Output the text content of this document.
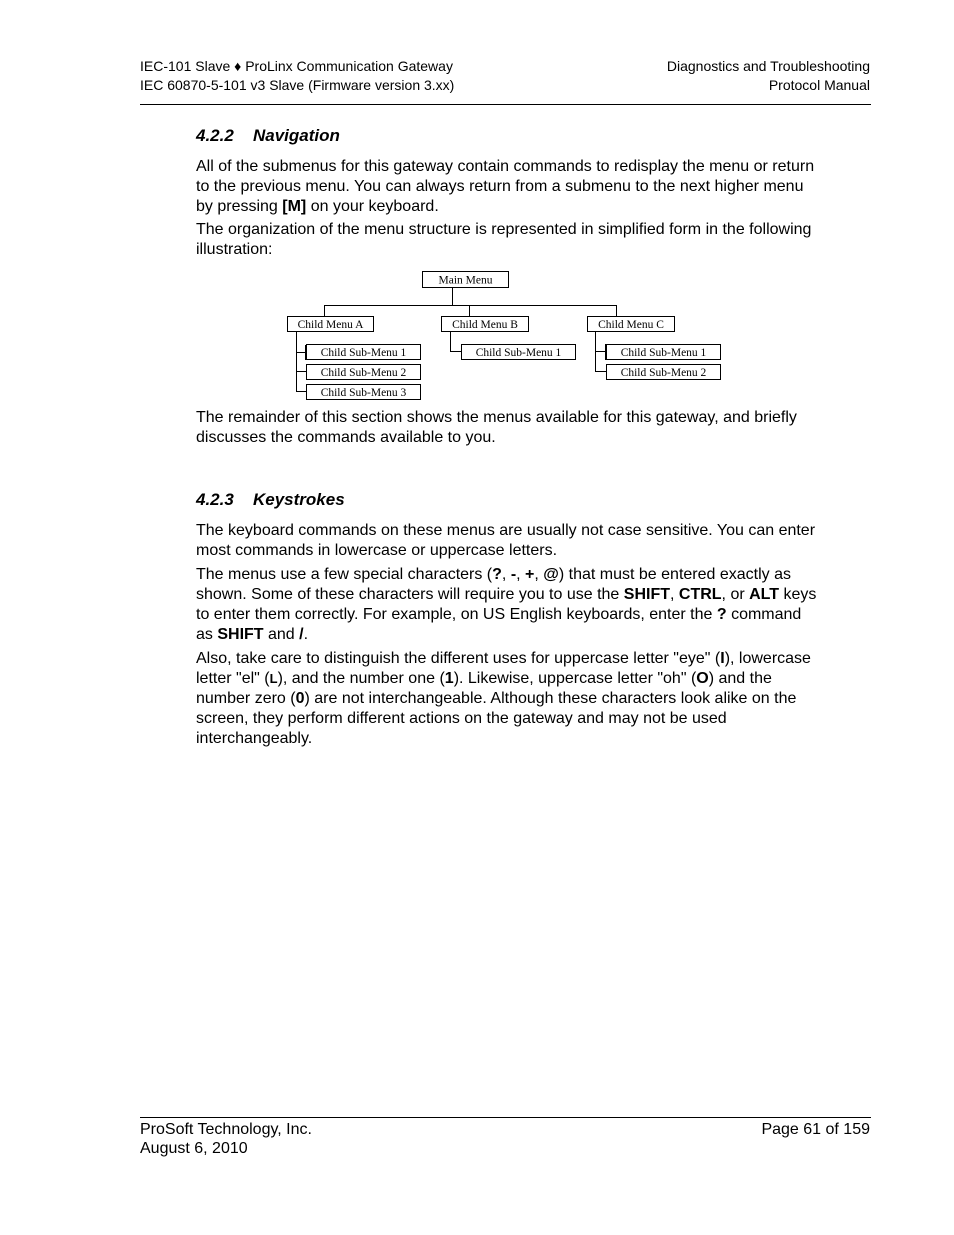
IEC-101 Slave ♦ ProLinx Communication Gateway
IEC 60870-5-101 v3 Slave (Firmware version 3.xx)
Diagnostics and Troubleshooting
Protocol Manual
4.2.2 Navigation

All of the submenus for this gateway contain commands to redisplay the menu or return to the previous menu. You can always return from a submenu to the next higher menu by pressing [M] on your keyboard.

The organization of the menu structure is represented in simplified form in the following illustration:

Main Menu
Child Menu A	Child Menu B	Child Menu C
Child Sub-Menu 1
Child Sub-Menu 2
Child Sub-Menu 3
Child Sub-Menu 1	Child Sub-Menu 1
Child Sub-Menu 2

The remainder of this section shows the menus available for this gateway, and briefly discusses the commands available to you.

4.2.3 Keystrokes

The keyboard commands on these menus are usually not case sensitive. You can enter most commands in lowercase or uppercase letters.

The menus use a few special characters (?, -, +, @) that must be entered exactly as shown. Some of these characters will require you to use the SHIFT, CTRL, or ALT keys to enter them correctly. For example, on US English keyboards, enter the ? command as SHIFT and /.

Also, take care to distinguish the different uses for uppercase letter "eye" (I), lowercase letter "el" (L), and the number one (1). Likewise, uppercase letter "oh" (O) and the number zero (0) are not interchangeable. Although these characters look alike on the screen, they perform different actions on the gateway and may not be used interchangeably.

ProSoft Technology, Inc.
August 6, 2010
Page 61 of 159
